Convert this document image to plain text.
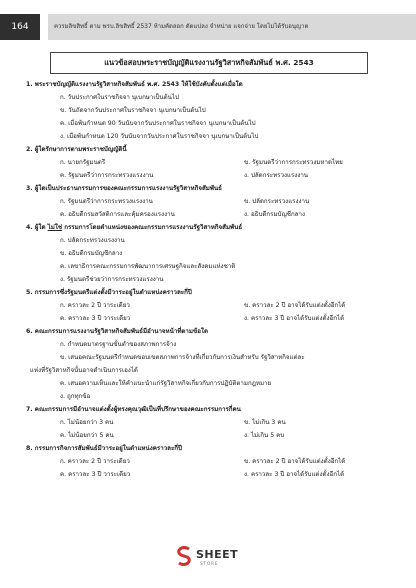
164	ควรมลิขสิทธิ์ ตาม พรบ.ลิขสิทธิ์ 2537 ห้ามคัดลอก ดัดแปลง จำหน่าย แจกจ่าย โดยไม่ได้รับอนุญาต
แนวข้อสอบพระราชบัญญัติแรงงานรัฐวิสาหกิจสัมพันธ์ พ.ศ. 2543
1. พระราชบัญญัติแรงงานรัฐวิสาหกิจสัมพันธ์ พ.ศ. 2543 ให้ใช้บังคับตั้งแต่เมื่อใด
ก. วันประกาศในราชกิจจา นุเบกษาเป็นต้นไป
ข. วันถัดจากวันประกาศในราชกิจจา นุเบกษาเป็นต้นไป
ค. เมื่อพ้นกำหนด 90 วันนับจากวันประกาศในราชกิจจา นุเบกษาเป็นต้นไป
ง. เมื่อพ้นกำหนด 120 วันนับจากวันประกาศในราชกิจจา นุเบกษาเป็นต้นไป
2. ผู้ใดรักษาการตามพระราชบัญญัตินี้
ก. นายกรัฐมนตรี	ข. รัฐมนตรีว่าการกระทรวงมหาดไทย
ค. รัฐมนตรีว่าการกระทรวงแรงงาน	ง. ปลัดกระทรวงแรงงาน
3. ผู้ใดเป็นประธานกรรมการของคณะกรรมการแรงงานรัฐวิสาหกิจสัมพันธ์
ก. รัฐมนตรีว่าการกระทรวงแรงงาน	ข. ปลัดกระทรวงแรงงาน
ค. อธิบดีกรมสวัสดิการและคุ้มครองแรงงาน	ง. อธิบดีกรมบัญชีกลาง
4. ผู้ใด ไม่ใช่ กรรมการโดยตำแหน่งของคณะกรรมการแรงงานรัฐวิสาหกิจสัมพันธ์
ก. ปลัดกระทรวงแรงงาน
ข. อธิบดีกรมบัญชีกลาง
ค. เลขาธิการคณะกรรมการพัฒนาการเศรษฐกิจและสังคมแห่งชาติ
ง. รัฐมนตรีช่วยว่าการกระทรวงแรงงาน
5. กรรมการซึ่งรัฐมนตรีแต่งตั้งมีวาระอยู่ในตำแหน่งคราวละกี่ปี
ก. คราวละ 2 ปี วาระเดียว	ข. คราวละ 2 ปี อาจได้รับแต่งตั้งอีกได้
ค. คราวละ 3 ปี วาระเดียว	ง. คราวละ 3 ปี อาจได้รับแต่งตั้งอีกได้
6. คณะกรรมการแรงงานรัฐวิสาหกิจสัมพันธ์มีอำนาจหน้าที่ตามข้อใด
ก. กำหนดมาตรฐานขั้นต่ำของสภาพการจ้าง
ข. เสนอคณะรัฐมนตรีกำหนดขอบเขตสภาพการจ้างที่เกี่ยวกับการเงินสำหรับ รัฐวิสาหกิจแต่ละ
แห่งที่รัฐวิสาหกิจนั้นอาจดำเนินการเองได้
ค. เสนอความเห็นและให้คำแนะนำแก่รัฐวิสาหกิจเกี่ยวกับการปฏิบัติตามกฎหมาย
ง. ถูกทุกข้อ
7. คณะกรรมการมีอำนาจแต่งตั้งผู้ทรงคุณวุฒิเป็นที่ปรึกษาของคณะกรรมการกี่คน
ก. ไม่น้อยกว่า 3 คน	ข. ไม่เกิน 3 คน
ค. ไม่น้อยกว่า 5 คน	ง. ไม่เกิน 5 คน
8. กรรมการกิจการสัมพันธ์มีวาระอยู่ในตำแหน่งคราวละกี่ปี
ก. คราวละ 2 ปี วาระเดียว	ข. คราวละ 2 ปี อาจได้รับแต่งตั้งอีกได้
ค. คราวละ 3 ปี วาระเดียว	ง. คราวละ 3 ปี อาจได้รับแต่งตั้งอีกได้
SHEET
STORE
